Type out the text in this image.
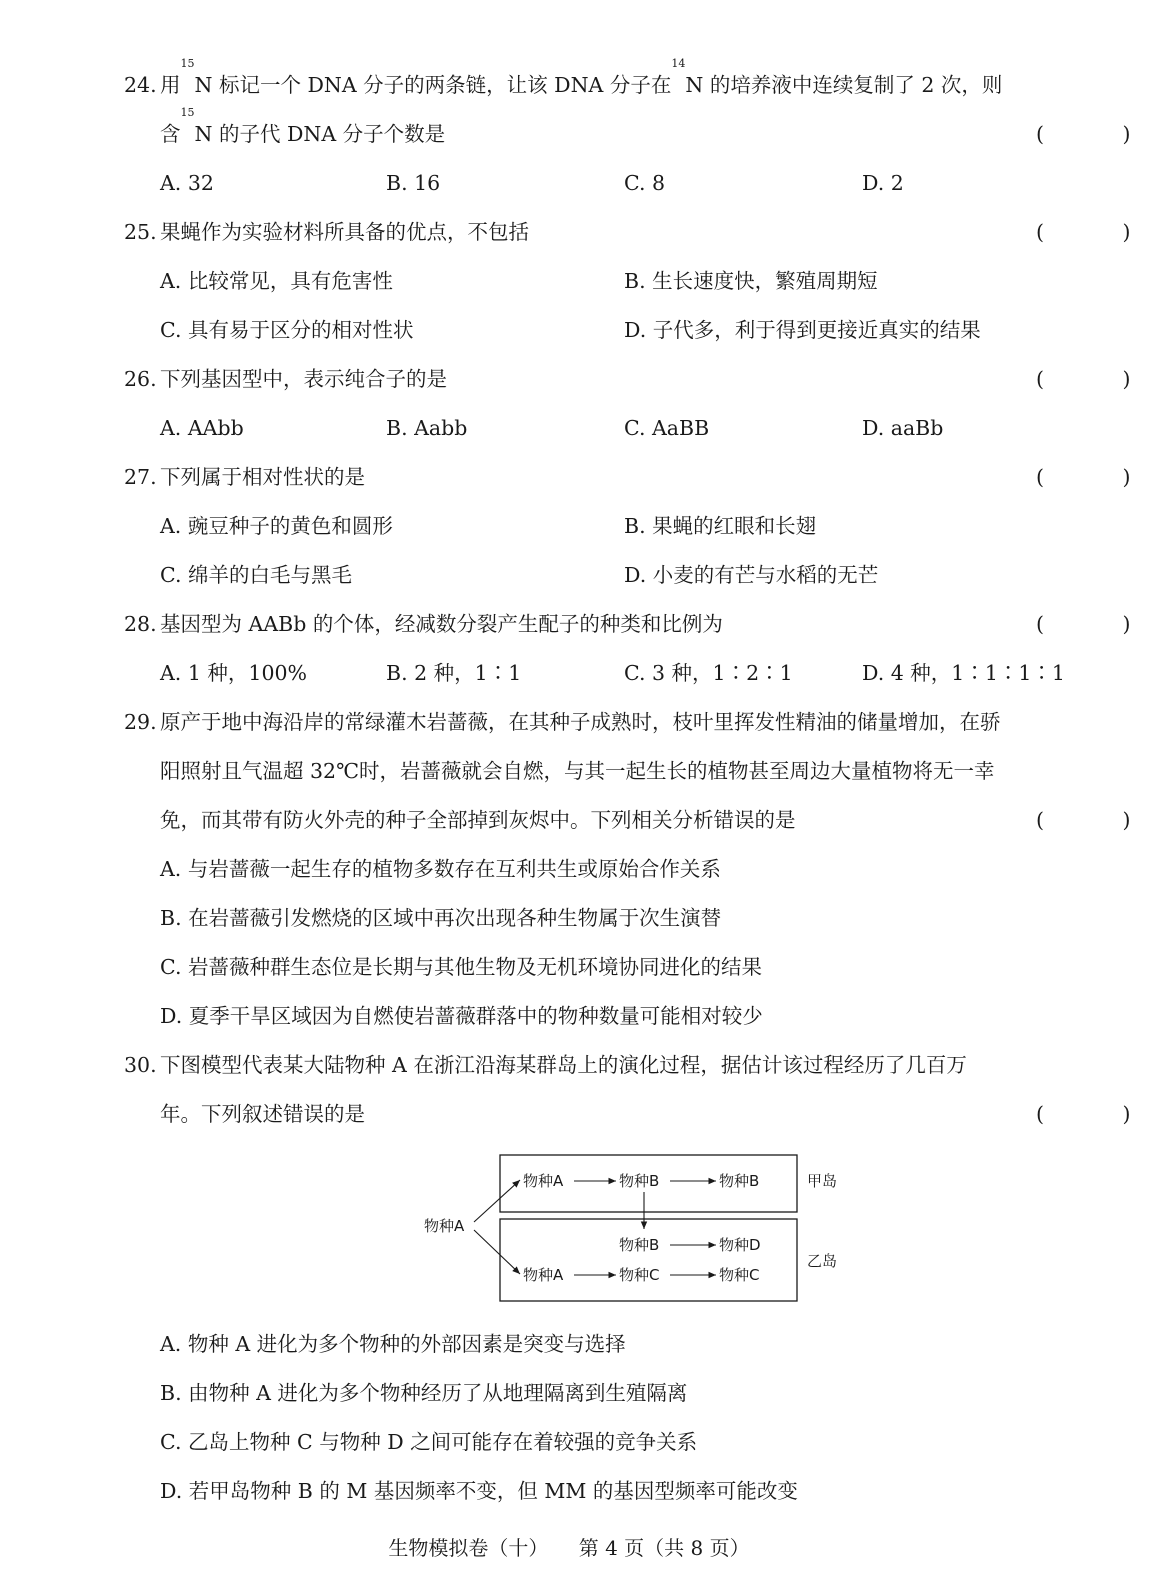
24. 用$^{15}$N 标记一个 DNA 分子的两条链，让该 DNA 分子在$^{14}$N 的培养液中连续复制了 2 次，则
含$^{15}$N 的子代 DNA 分子个数是	( )
A. 32	B. 16	C. 8	D. 2
25. 果蝇作为实验材料所具备的优点，不包括	( )
A. 比较常见，具有危害性	B. 生长速度快，繁殖周期短
C. 具有易于区分的相对性状	D. 子代多，利于得到更接近真实的结果
26. 下列基因型中，表示纯合子的是	( )
A. AAbb	B. Aabb	C. AaBB	D. aaBb
27. 下列属于相对性状的是	( )
A. 豌豆种子的黄色和圆形	B. 果蝇的红眼和长翅
C. 绵羊的白毛与黑毛	D. 小麦的有芒与水稻的无芒
28. 基因型为 AABb 的个体，经减数分裂产生配子的种类和比例为	( )
A. 1 种，100%	B. 2 种，1∶1	C. 3 种，1∶2∶1	D. 4 种，1∶1∶1∶1
29. 原产于地中海沿岸的常绿灌木岩蔷薇，在其种子成熟时，枝叶里挥发性精油的储量增加，在骄
阳照射且气温超 32℃时，岩蔷薇就会自燃，与其一起生长的植物甚至周边大量植物将无一幸
免，而其带有防火外壳的种子全部掉到灰烬中。下列相关分析错误的是	( )
A. 与岩蔷薇一起生存的植物多数存在互利共生或原始合作关系
B. 在岩蔷薇引发燃烧的区域中再次出现各种生物属于次生演替
C. 岩蔷薇种群生态位是长期与其他生物及无机环境协同进化的结果
D. 夏季干旱区域因为自燃使岩蔷薇群落中的物种数量可能相对较少
30. 下图模型代表某大陆物种 A 在浙江沿海某群岛上的演化过程，据估计该过程经历了几百万
年。下列叙述错误的是	( )
物种A
物种A	物种B	物种B	甲岛
物种B	物种D
物种A	物种C	物种C
乙岛
A. 物种 A 进化为多个物种的外部因素是突变与选择
B. 由物种 A 进化为多个物种经历了从地理隔离到生殖隔离
C. 乙岛上物种 C 与物种 D 之间可能存在着较强的竞争关系
D. 若甲岛物种 B 的 M 基因频率不变，但 MM 的基因型频率可能改变
生物模拟卷（十） 第 4 页（共 8 页）
